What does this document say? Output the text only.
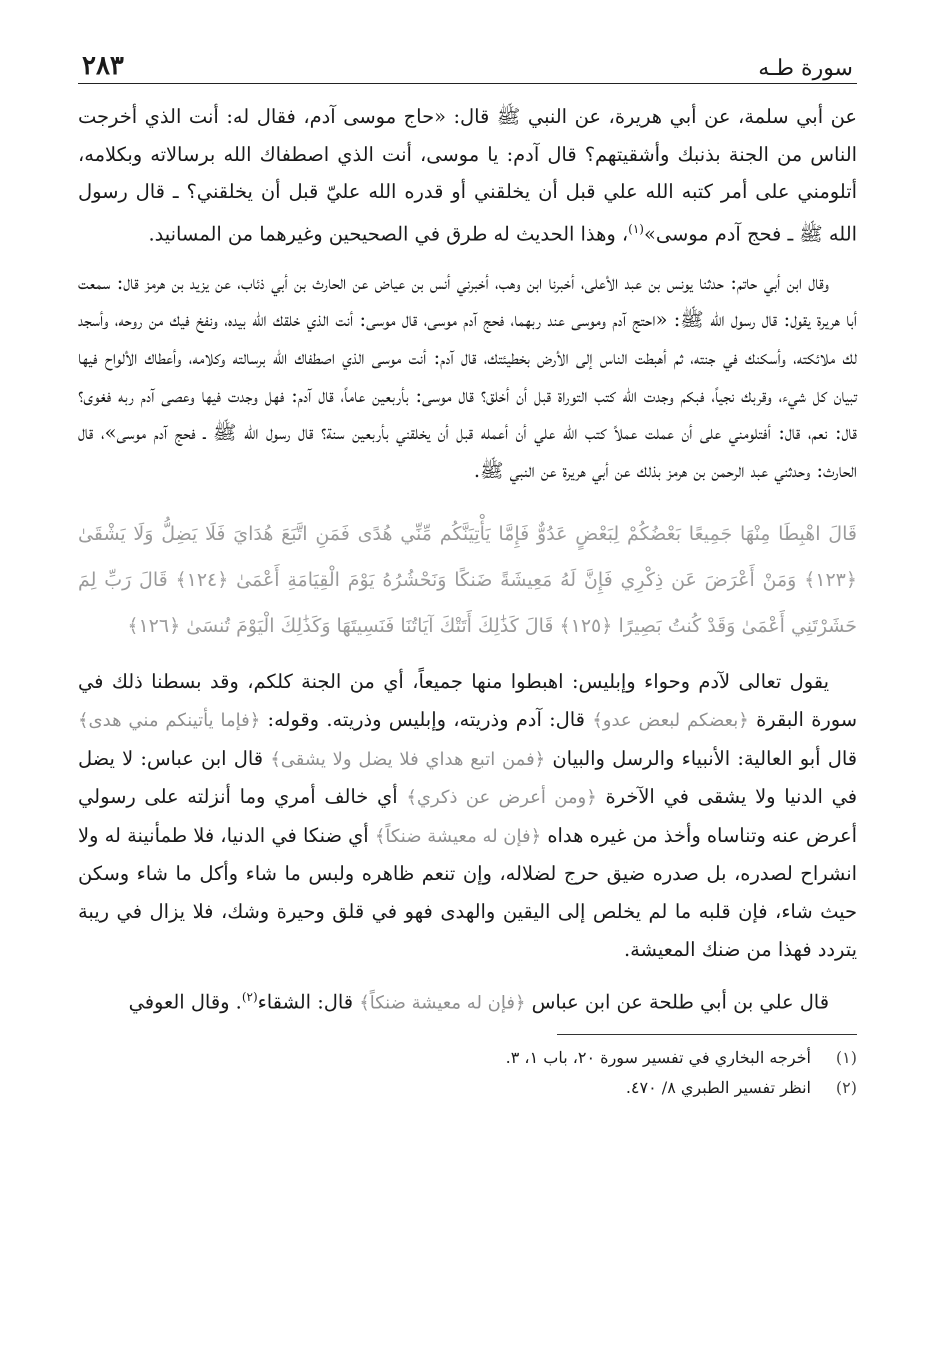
سورة طـه
٢٨٣

عن أبي سلمة، عن أبي هريرة، عن النبي ﷺ قال: «حاج موسى آدم، فقال له: أنت الذي أخرجت الناس من الجنة بذنبك وأشقيتهم؟ قال آدم: يا موسى، أنت الذي اصطفاك الله برسالاته وبكلامه، أتلومني على أمر كتبه الله علي قبل أن يخلقني أو قدره الله عليّ قبل أن يخلقني؟ ـ قال رسول الله ﷺ ـ فحج آدم موسى»$^{(١)}$، وهذا الحديث له طرق في الصحيحين وغيرهما من المسانيد.

وقال ابن أبي حاتم: حدثنا يونس بن عبد الأعلى، أخبرنا ابن وهب، أخبرني أنس بن عياض عن الحارث بن أبي ذئاب، عن يزيد بن هرمز قال: سمعت أبا هريرة يقول: قال رسول الله ﷺ: «احتج آدم وموسى عند ربهما، فحج آدم موسى، قال موسى: أنت الذي خلقك الله بيده، ونفخ فيك من روحه، وأسجد لك ملائكته، وأسكنك في جنته، ثم أهبطت الناس إلى الأرض بخطيئتك، قال آدم: أنت موسى الذي اصطفاك الله برسالته وكلامه، وأعطاك الألواح فيها تبيان كل شيء، وقربك نجياً، فبكم وجدت الله كتب التوراة قبل أن أخلق؟ قال موسى: بأربعين عاماً، قال آدم: فهل وجدت فيها وعصى آدم ربه فغوى؟ قال: نعم، قال: أفتلومني على أن عملت عملاً كتب الله علي أن أعمله قبل أن يخلقني بأربعين سنة؟ قال رسول الله ﷺ ـ فحج آدم موسى»، قال الحارث: وحدثني عبد الرحمن بن هرمز بذلك عن أبي هريرة عن النبي ﷺ.

قَالَ اهْبِطَا مِنْهَا جَمِيعًا بَعْضُكُمْ لِبَعْضٍ عَدُوٌّ فَإِمَّا يَأْتِيَنَّكُم مِّنِّي هُدًى فَمَنِ اتَّبَعَ هُدَايَ فَلَا يَضِلُّ وَلَا يَشْقَىٰ ﴿١٢٣﴾ وَمَنْ أَعْرَضَ عَن ذِكْرِي فَإِنَّ لَهُ مَعِيشَةً ضَنكًا وَنَحْشُرُهُ يَوْمَ الْقِيَامَةِ أَعْمَىٰ ﴿١٢٤﴾ قَالَ رَبِّ لِمَ حَشَرْتَنِي أَعْمَىٰ وَقَدْ كُنتُ بَصِيرًا ﴿١٢٥﴾ قَالَ كَذَٰلِكَ أَتَتْكَ آيَاتُنَا فَنَسِيتَهَا وَكَذَٰلِكَ الْيَوْمَ تُنسَىٰ ﴿١٢٦﴾

يقول تعالى لآدم وحواء وإبليس: اهبطوا منها جميعاً، أي من الجنة كلكم، وقد بسطنا ذلك في سورة البقرة ﴿بعضكم لبعض عدو﴾ قال: آدم وذريته، وإبليس وذريته. وقوله: ﴿فإما يأتينكم مني هدى﴾ قال أبو العالية: الأنبياء والرسل والبيان ﴿فمن اتبع هداي فلا يضل ولا يشقى﴾ قال ابن عباس: لا يضل في الدنيا ولا يشقى في الآخرة ﴿ومن أعرض عن ذكري﴾ أي خالف أمري وما أنزلته على رسولي أعرض عنه وتناساه وأخذ من غيره هداه ﴿فإن له معيشة ضنكاً﴾ أي ضنكا في الدنيا، فلا طمأنينة له ولا انشراح لصدره، بل صدره ضيق حرج لضلاله، وإن تنعم ظاهره ولبس ما شاء وأكل ما شاء وسكن حيث شاء، فإن قلبه ما لم يخلص إلى اليقين والهدى فهو في قلق وحيرة وشك، فلا يزال في ريبة يتردد فهذا من ضنك المعيشة.

قال علي بن أبي طلحة عن ابن عباس ﴿فإن له معيشة ضنكاً﴾ قال: الشقاء$^{(٢)}$. وقال العوفي

(١)
أخرجه البخاري في تفسير سورة ٢٠، باب ١، ٣.
(٢)
انظر تفسير الطبري ٨/ ٤٧٠.
